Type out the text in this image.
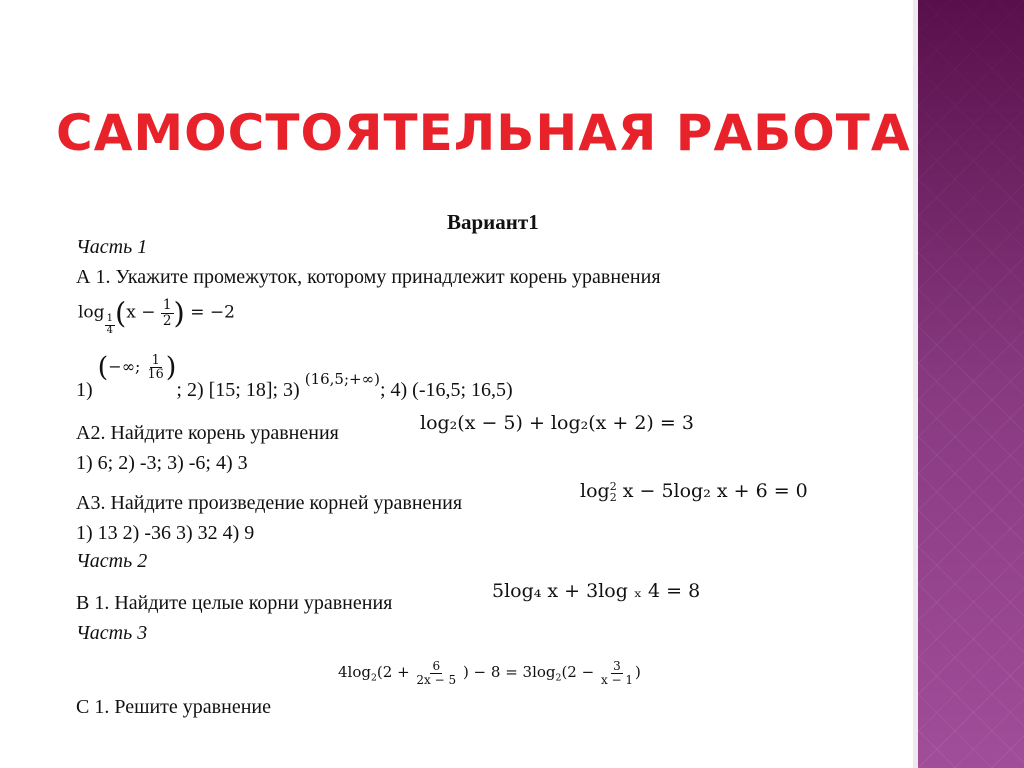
САМОСТОЯТЕЛЬНАЯ РАБОТА
Вариант1
Часть 1
А 1. Укажите промежуток, которому принадлежит корень уравнения
log
$\frac{1}{4} (x - \frac{1}{2}$ ) = −2
1) $^{(-\infty; \frac{1}{16} )}$; 2) [15; 18]; 3) $^{(16,5;+\infty)}$; 4) (-16,5; 16,5)
А2. Найдите корень уравнения	log₂(x − 5) + log₂(x + 2) = 3
1) 6; 2) -3; 3) -6; 4) 3
А3. Найдите произведение корней уравнения
log 2
2 x − 5log₂ x + 6 = 0
1) 13 2) -36 3) 32 4) 9
Часть 2
В 1. Найдите целые корни уравнения
5log₄ x + 3log ₓ 4 = 8
Часть 3
$4\log_2(2 + \frac{6}{2x - 5}$ ) − $8 = 3\log_2(2 - \frac{3}{x - 1}$ )
С 1. Решите уравнение
